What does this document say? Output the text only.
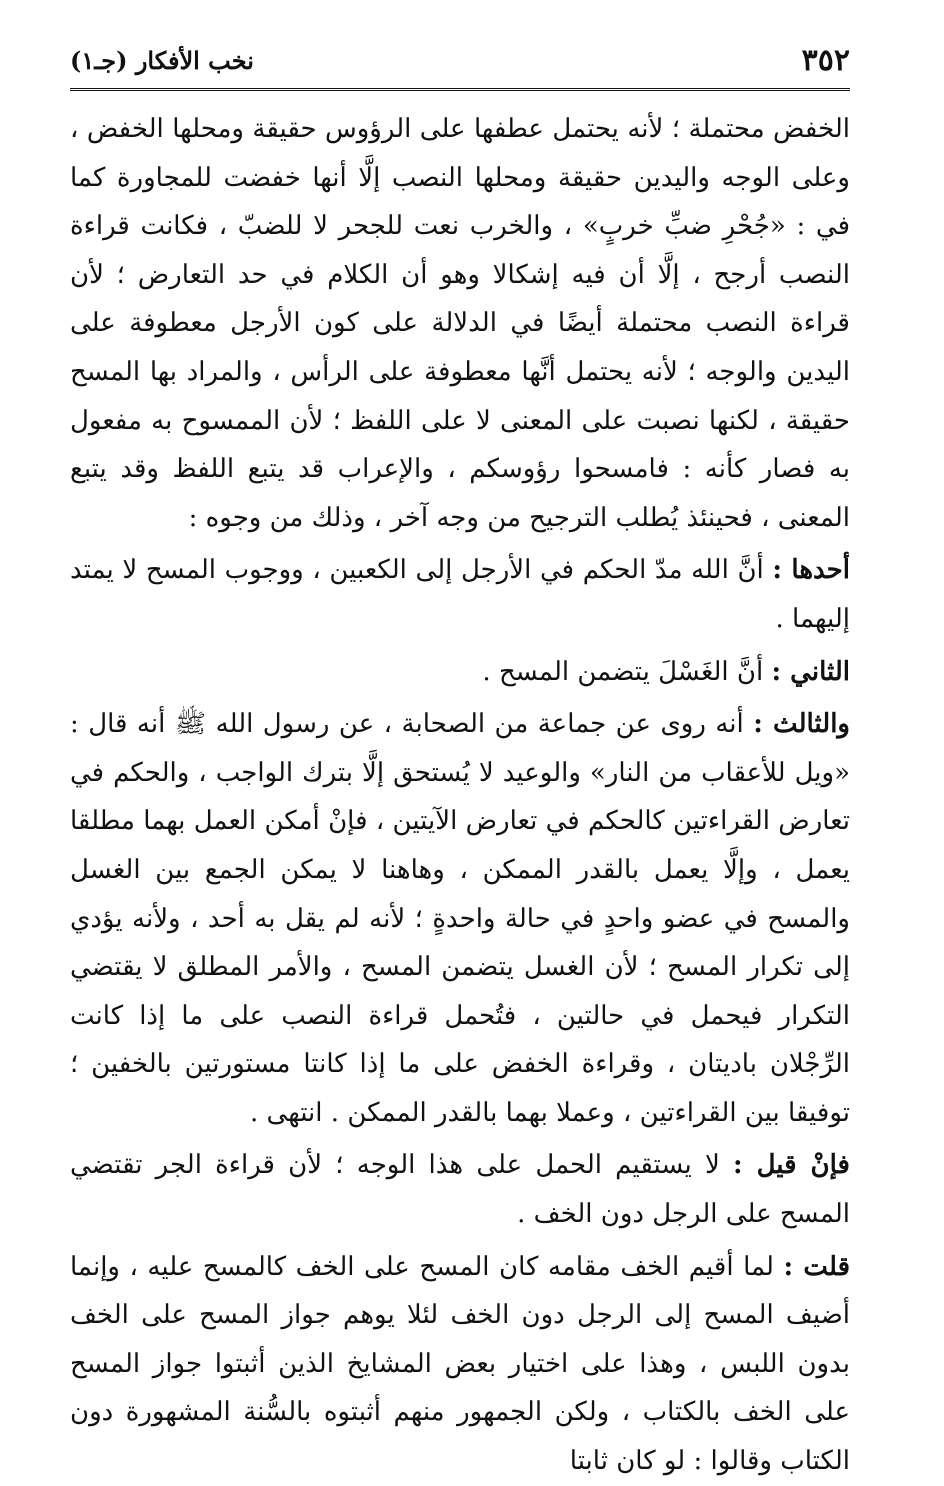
٣٥٢
نخب الأفكار (جـ١)

الخفض محتملة ؛ لأنه يحتمل عطفها على الرؤوس حقيقة ومحلها الخفض ، وعلى الوجه واليدين حقيقة ومحلها النصب إلَّا أنها خفضت للمجاورة كما في : «جُحْرِ ضبِّ خربٍ» ، والخرب نعت للجحر لا للضبّ ، فكانت قراءة النصب أرجح ، إلَّا أن فيه إشكالا وهو أن الكلام في حد التعارض ؛ لأن قراءة النصب محتملة أيضًا في الدلالة على كون الأرجل معطوفة على اليدين والوجه ؛ لأنه يحتمل أنَّها معطوفة على الرأس ، والمراد بها المسح حقيقة ، لكنها نصبت على المعنى لا على اللفظ ؛ لأن الممسوح به مفعول به فصار كأنه : فامسحوا رؤوسكم ، والإعراب قد يتبع اللفظ وقد يتبع المعنى ، فحينئذ يُطلب الترجيح من وجه آخر ، وذلك من وجوه :

أحدها : أنَّ الله مدّ الحكم في الأرجل إلى الكعبين ، ووجوب المسح لا يمتد إليهما .

الثاني : أنَّ الغَسْلَ يتضمن المسح .

والثالث : أنه روى عن جماعة من الصحابة ، عن رسول الله ﷺ أنه قال : «ويل للأعقاب من النار» والوعيد لا يُستحق إلَّا بترك الواجب ، والحكم في تعارض القراءتين كالحكم في تعارض الآيتين ، فإنْ أمكن العمل بهما مطلقا يعمل ، وإلَّا يعمل بالقدر الممكن ، وهاهنا لا يمكن الجمع بين الغسل والمسح في عضو واحدٍ في حالة واحدةٍ ؛ لأنه لم يقل به أحد ، ولأنه يؤدي إلى تكرار المسح ؛ لأن الغسل يتضمن المسح ، والأمر المطلق لا يقتضي التكرار فيحمل في حالتين ، فتُحمل قراءة النصب على ما إذا كانت الرِّجْلان باديتان ، وقراءة الخفض على ما إذا كانتا مستورتين بالخفين ؛ توفيقا بين القراءتين ، وعملا بهما بالقدر الممكن . انتهى .

فإنْ قيل : لا يستقيم الحمل على هذا الوجه ؛ لأن قراءة الجر تقتضي المسح على الرجل دون الخف .

قلت : لما أقيم الخف مقامه كان المسح على الخف كالمسح عليه ، وإنما أضيف المسح إلى الرجل دون الخف لئلا يوهم جواز المسح على الخف بدون اللبس ، وهذا على اختيار بعض المشايخ الذين أثبتوا جواز المسح على الخف بالكتاب ، ولكن الجمهور منهم أثبتوه بالسُّنة المشهورة دون الكتاب وقالوا : لو كان ثابتا
